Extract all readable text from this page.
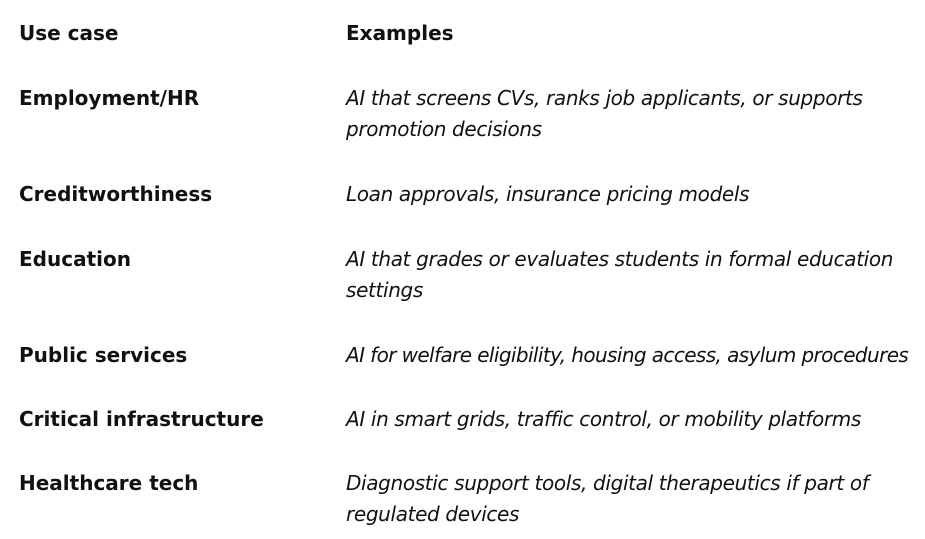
Use case	Examples
Employment/HR	AI that screens CVs, ranks job applicants, or supports promotion decisions
Creditworthiness	Loan approvals, insurance pricing models
Education	AI that grades or evaluates students in formal education settings
Public services	AI for welfare eligibility, housing access, asylum procedures
Critical infrastructure	AI in smart grids, traffic control, or mobility platforms
Healthcare tech	Diagnostic support tools, digital therapeutics if part of regulated devices
